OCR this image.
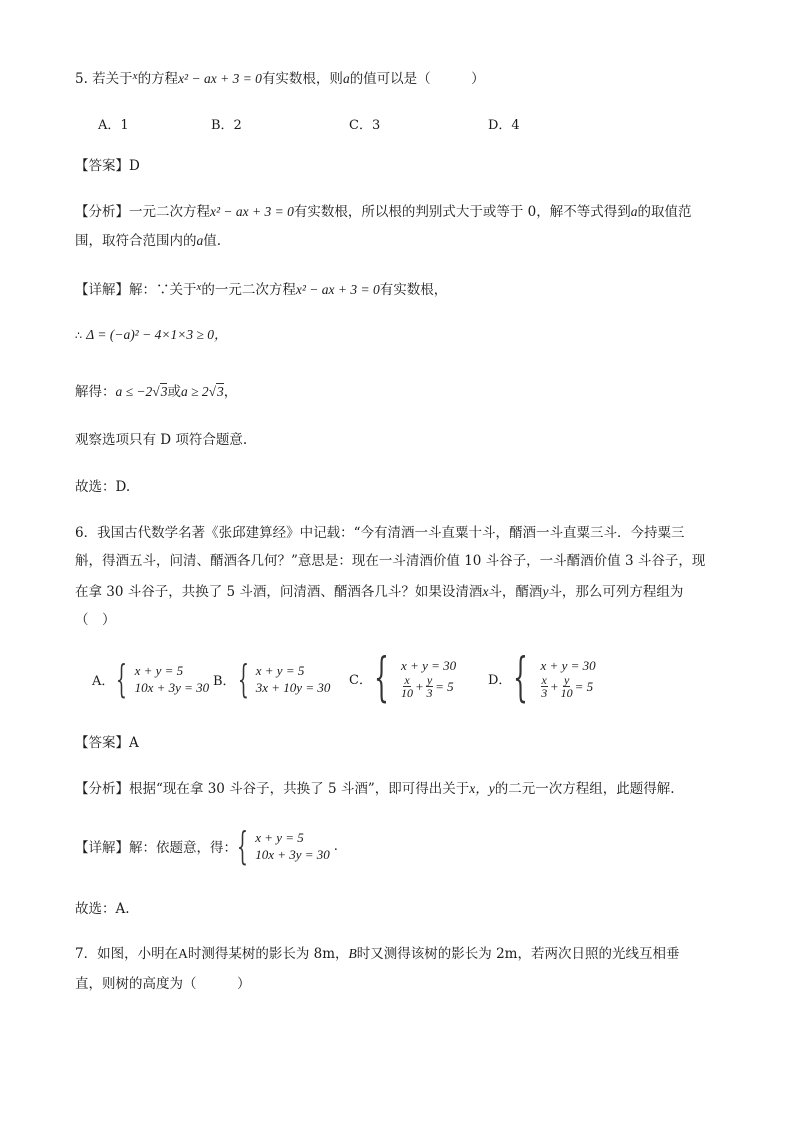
5. 若关于$^x$的方程x² − ax + 3 = 0有实数根，则a的值可以是（　　　）
A．1	B．2	C．3	D．4
【答案】D
【分析】一元二次方程x² − ax + 3 = 0有实数根，所以根的判别式大于或等于 0，解不等式得到a的取值范
围，取符合范围内的a值.
【详解】解：∵关于$^x$的一元二次方程x² − ax + 3 = 0有实数根，
∴ Δ = (−a)² − 4×1×3 ≥ 0，
解得：a ≤ −2√3或a ≥ 2√3，
观察选项只有 D 项符合题意.
故选：D.
6．我国古代数学名著《张邱建算经》中记载：“今有清酒一斗直粟十斗，醑酒一斗直粟三斗．今持粟三
斛，得酒五斗，问清、醑酒各几何？”意思是：现在一斗清酒价值 10 斗谷子，一斗醑酒价值 3 斗谷子，现
在拿 30 斗谷子，共换了 5 斗酒，问清酒、醑酒各几斗？如果设清酒x斗，醑酒y斗，那么可列方程组为
（　）
A． { x + y = 5
10x + 3y = 30 B． { x + y = 5
3x + 10y = 30 C． { x + y = 30
$\frac{x}{10} + \frac{y}{3} = 5$	D． { x + y = 30
$\frac{x}{3} + \frac{y}{10} = 5$
【答案】A
【分析】根据“现在拿 30 斗谷子，共换了 5 斗酒”，即可得出关于x，y的二元一次方程组，此题得解.
【详解】 解：依题意，得： { x + y = 5
10x + 3y = 30
.
故选：A.
7．如图，小明在A时测得某树的影长为 8m，B时又测得该树的影长为 2m，若两次日照的光线互相垂
直，则树的高度为（　　　）
